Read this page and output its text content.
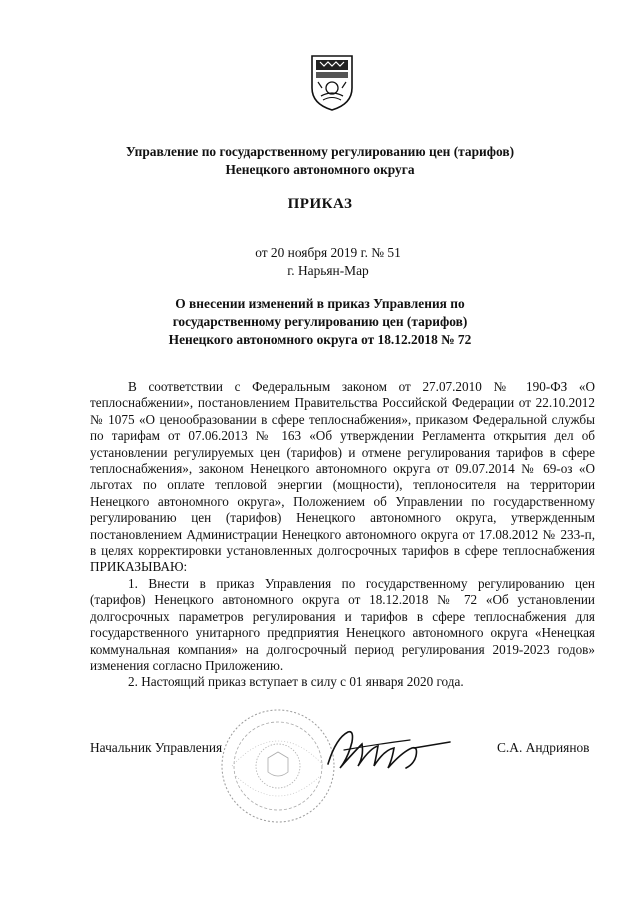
Управление по государственному регулированию цен (тарифов)
Ненецкого автономного округа
ПРИКАЗ
от 20 ноября 2019 г. № 51
г. Нарьян-Мар
О внесении изменений в приказ Управления по
государственному регулированию цен (тарифов)
Ненецкого автономного округа от 18.12.2018 № 72

В соответствии с Федеральным законом от 27.07.2010 № 190-ФЗ «О теплоснабжении», постановлением Правительства Российской Федерации от 22.10.2012 № 1075 «О ценообразовании в сфере теплоснабжения», приказом Федеральной службы по тарифам от 07.06.2013 № 163 «Об утверждении Регламента открытия дел об установлении регулируемых цен (тарифов) и отмене регулирования тарифов в сфере теплоснабжения», законом Ненецкого автономного округа от 09.07.2014 № 69-оз «О льготах по оплате тепловой энергии (мощности), теплоносителя на территории Ненецкого автономного округа», Положением об Управлении по государственному регулированию цен (тарифов) Ненецкого автономного округа, утвержденным постановлением Администрации Ненецкого автономного округа от 17.08.2012 № 233-п, в целях корректировки установленных долгосрочных тарифов в сфере теплоснабжения ПРИКАЗЫВАЮ:

1. Внести в приказ Управления по государственному регулированию цен (тарифов) Ненецкого автономного округа от 18.12.2018 № 72 «Об установлении долгосрочных параметров регулирования и тарифов в сфере теплоснабжения для государственного унитарного предприятия Ненецкого автономного округа «Ненецкая коммунальная компания» на долгосрочный период регулирования 2019-2023 годов» изменения согласно Приложению.

2. Настоящий приказ вступает в силу с 01 января 2020 года.

Начальник Управления	С.А. Андриянов
